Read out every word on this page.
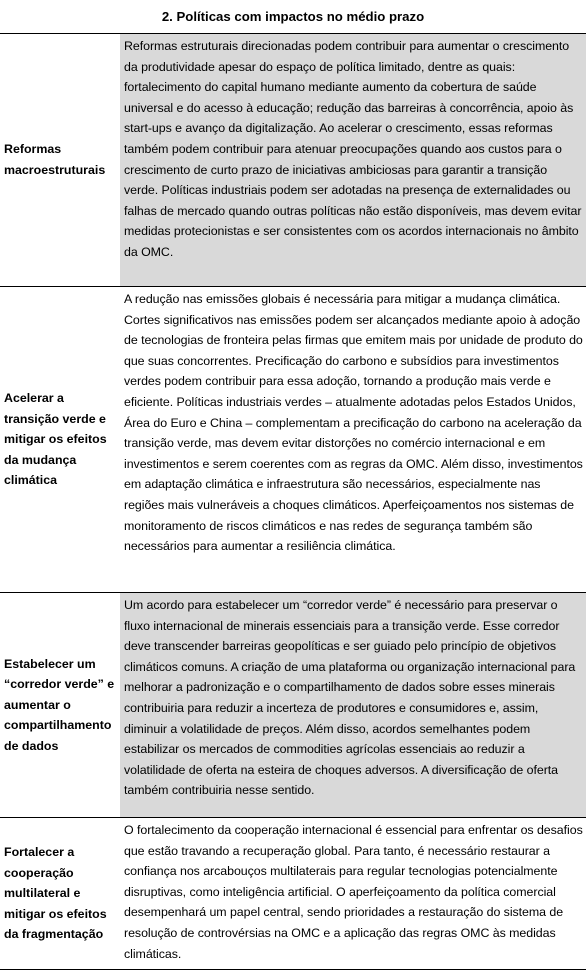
2. Políticas com impactos no médio prazo
Reformas macroestruturais

Reformas estruturais direcionadas podem contribuir para aumentar o crescimento da produtividade apesar do espaço de política limitado, dentre as quais: fortalecimento do capital humano mediante aumento da cobertura de saúde universal e do acesso à educação; redução das barreiras à concorrência, apoio às start-ups e avanço da digitalização. Ao acelerar o crescimento, essas reformas também podem contribuir para atenuar preocupações quando aos custos para o crescimento de curto prazo de iniciativas ambiciosas para garantir a transição verde. Políticas industriais podem ser adotadas na presença de externalidades ou falhas de mercado quando outras políticas não estão disponíveis, mas devem evitar medidas protecionistas e ser consistentes com os acordos internacionais no âmbito da OMC.

Acelerar a transição verde e mitigar os efeitos da mudança climática

A redução nas emissões globais é necessária para mitigar a mudança climática. Cortes significativos nas emissões podem ser alcançados mediante apoio à adoção de tecnologias de fronteira pelas firmas que emitem mais por unidade de produto do que suas concorrentes. Precificação do carbono e subsídios para investimentos verdes podem contribuir para essa adoção, tornando a produção mais verde e eficiente. Políticas industriais verdes – atualmente adotadas pelos Estados Unidos, Área do Euro e China – complementam a precificação do carbono na aceleração da transição verde, mas devem evitar distorções no comércio internacional e em investimentos e serem coerentes com as regras da OMC. Além disso, investimentos em adaptação climática e infraestrutura são necessários, especialmente nas regiões mais vulneráveis a choques climáticos. Aperfeiçoamentos nos sistemas de monitoramento de riscos climáticos e nas redes de segurança também são necessários para aumentar a resiliência climática.

Estabelecer um “corredor verde” e aumentar o compartilhamento de dados

Um acordo para estabelecer um “corredor verde” é necessário para preservar o fluxo internacional de minerais essenciais para a transição verde. Esse corredor deve transcender barreiras geopolíticas e ser guiado pelo princípio de objetivos climáticos comuns. A criação de uma plataforma ou organização internacional para melhorar a padronização e o compartilhamento de dados sobre esses minerais contribuiria para reduzir a incerteza de produtores e consumidores e, assim, diminuir a volatilidade de preços. Além disso, acordos semelhantes podem estabilizar os mercados de commodities agrícolas essenciais ao reduzir a volatilidade de oferta na esteira de choques adversos. A diversificação de oferta também contribuiria nesse sentido.

Fortalecer a cooperação multilateral e mitigar os efeitos da fragmentação

O fortalecimento da cooperação internacional é essencial para enfrentar os desafios que estão travando a recuperação global. Para tanto, é necessário restaurar a confiança nos arcabouços multilaterais para regular tecnologias potencialmente disruptivas, como inteligência artificial. O aperfeiçoamento da política comercial desempenhará um papel central, sendo prioridades a restauração do sistema de resolução de controvérsias na OMC e a aplicação das regras OMC às medidas climáticas.
